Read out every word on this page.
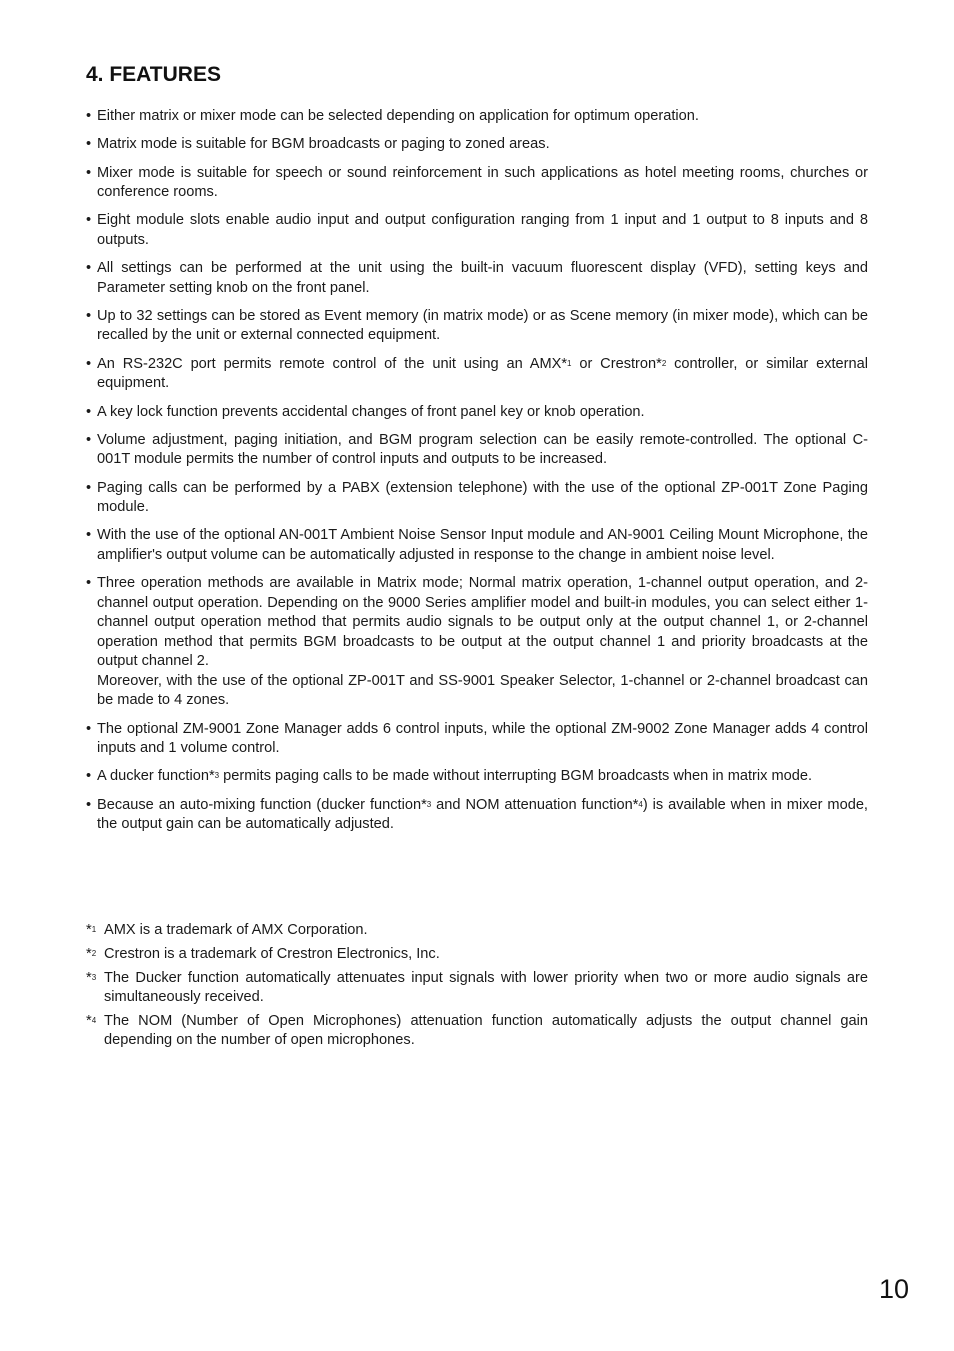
4. FEATURES
• Either matrix or mixer mode can be selected depending on application for optimum operation.
• Matrix mode is suitable for BGM broadcasts or paging to zoned areas.
• Mixer mode is suitable for speech or sound reinforcement in such applications as hotel meeting rooms, churches or conference rooms.
• Eight module slots enable audio input and output configuration ranging from 1 input and 1 output to 8 inputs and 8 outputs.
• All settings can be performed at the unit using the built-in vacuum fluorescent display (VFD), setting keys and Parameter setting knob on the front panel.
• Up to 32 settings can be stored as Event memory (in matrix mode) or as Scene memory (in mixer mode), which can be recalled by the unit or external connected equipment.
• An RS-232C port permits remote control of the unit using an AMX*$^1$ or Crestron*$^2$ controller, or similar external equipment.
• A key lock function prevents accidental changes of front panel key or knob operation.
• Volume adjustment, paging initiation, and BGM program selection can be easily remote-controlled. The optional C-001T module permits the number of control inputs and outputs to be increased.
• Paging calls can be performed by a PABX (extension telephone) with the use of the optional ZP-001T Zone Paging module.
• With the use of the optional AN-001T Ambient Noise Sensor Input module and AN-9001 Ceiling Mount Microphone, the amplifier's output volume can be automatically adjusted in response to the change in ambient noise level.
• Three operation methods are available in Matrix mode; Normal matrix operation, 1-channel output operation, and 2-channel output operation. Depending on the 9000 Series amplifier model and built-in modules, you can select either 1-channel output operation method that permits audio signals to be output only at the output channel 1, or 2-channel operation method that permits BGM broadcasts to be output at the output channel 1 and priority broadcasts at the output channel 2.
Moreover, with the use of the optional ZP-001T and SS-9001 Speaker Selector, 1-channel or 2-channel broadcast can be made to 4 zones.
• The optional ZM-9001 Zone Manager adds 6 control inputs, while the optional ZM-9002 Zone Manager adds 4 control inputs and 1 volume control.
• A ducker function*$^3$ permits paging calls to be made without interrupting BGM broadcasts when in matrix mode.
• Because an auto-mixing function (ducker function*$^3$ and NOM attenuation function*$^4$) is available when in mixer mode, the output gain can be automatically adjusted.
*$^1$ AMX is a trademark of AMX Corporation.
*$^2$ Crestron is a trademark of Crestron Electronics, Inc.
*$^3$ The Ducker function automatically attenuates input signals with lower priority when two or more audio signals are simultaneously received.
*$^4$ The NOM (Number of Open Microphones) attenuation function automatically adjusts the output channel gain depending on the number of open microphones.
10
